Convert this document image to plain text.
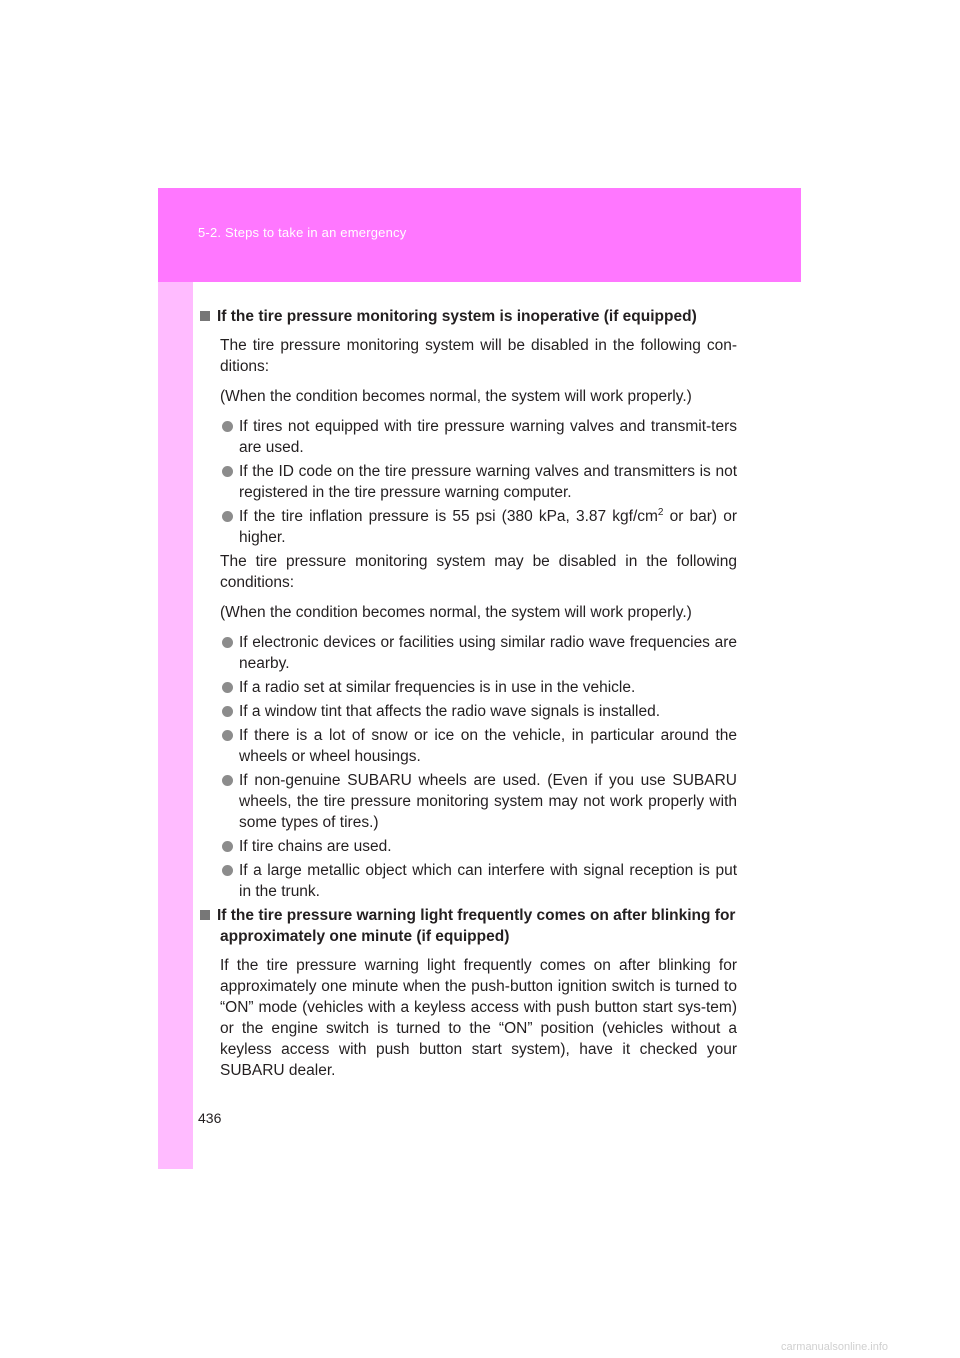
5-2. Steps to take in an emergency
If the tire pressure monitoring system is inoperative (if equipped)
The tire pressure monitoring system will be disabled in the following con-ditions:
(When the condition becomes normal, the system will work properly.)
If tires not equipped with tire pressure warning valves and transmit-ters are used.
If the ID code on the tire pressure warning valves and transmitters is not registered in the tire pressure warning computer.
If the tire inflation pressure is 55 psi (380 kPa, 3.87 kgf/$cm^2$ or bar) or higher.
The tire pressure monitoring system may be disabled in the following conditions:
(When the condition becomes normal, the system will work properly.)
If electronic devices or facilities using similar radio wave frequencies are nearby.
If a radio set at similar frequencies is in use in the vehicle.
If a window tint that affects the radio wave signals is installed.
If there is a lot of snow or ice on the vehicle, in particular around the wheels or wheel housings.
If non-genuine SUBARU wheels are used. (Even if you use SUBARU wheels, the tire pressure monitoring system may not work properly with some types of tires.)
If tire chains are used.
If a large metallic object which can interfere with signal reception is put in the trunk.
If the tire pressure warning light frequently comes on after blinking for approximately one minute (if equipped)
If the tire pressure warning light frequently comes on after blinking for approximately one minute when the push-button ignition switch is turned to “ON” mode (vehicles with a keyless access with push button start sys-tem) or the engine switch is turned to the “ON” position (vehicles without a keyless access with push button start system), have it checked your SUBARU dealer.
436
carmanualsonline.info
